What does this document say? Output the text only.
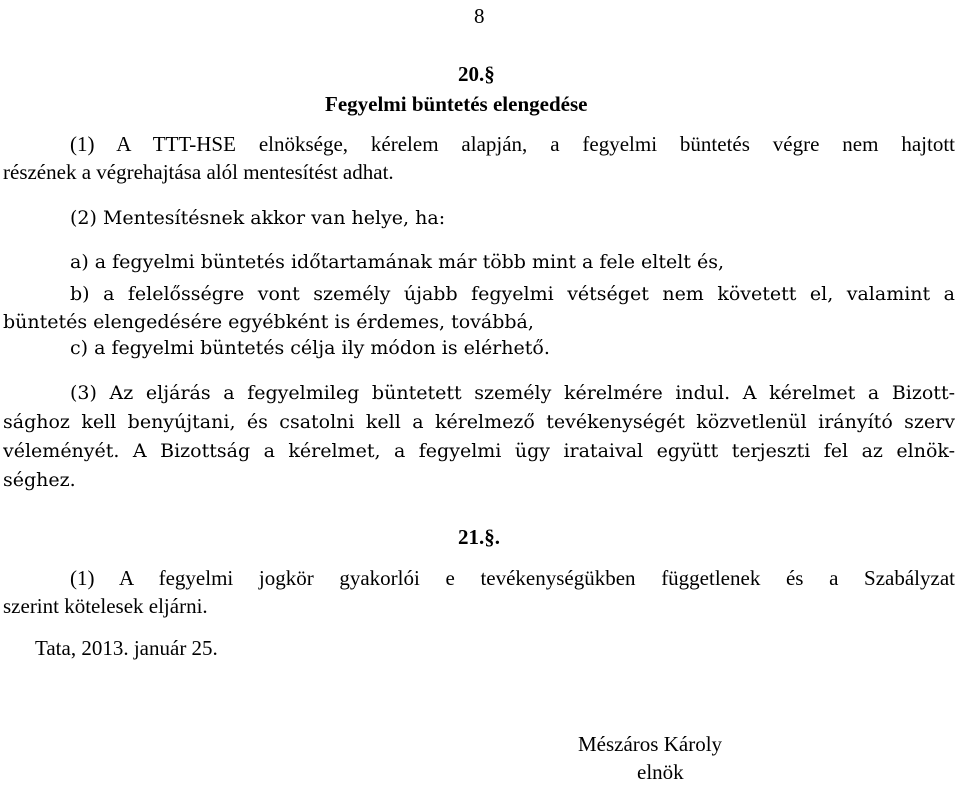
8
20.§
Fegyelmi büntetés elengedése
(1) A TTT-HSE elnöksége, kérelem alapján, a fegyelmi büntetés végre nem hajtott
részének a végrehajtása alól mentesítést adhat.
(2) Mentesítésnek akkor van helye, ha:
a) a fegyelmi büntetés időtartamának már több mint a fele eltelt és,
b) a felelősségre vont személy újabb fegyelmi vétséget nem követett el, valamint a
büntetés elengedésére egyébként is érdemes, továbbá,
c) a fegyelmi büntetés célja ily módon is elérhető.
(3) Az eljárás a fegyelmileg büntetett személy kérelmére indul. A kérelmet a Bizott-
sághoz kell benyújtani, és csatolni kell a kérelmező tevékenységét közvetlenül irányító szerv
véleményét. A Bizottság a kérelmet, a fegyelmi ügy irataival együtt terjeszti fel az elnök-
séghez.
21.§.
(1) A fegyelmi jogkör gyakorlói e tevékenységükben függetlenek és a Szabályzat
szerint kötelesek eljárni.
Tata, 2013. január 25.
Mészáros Károly
elnök
